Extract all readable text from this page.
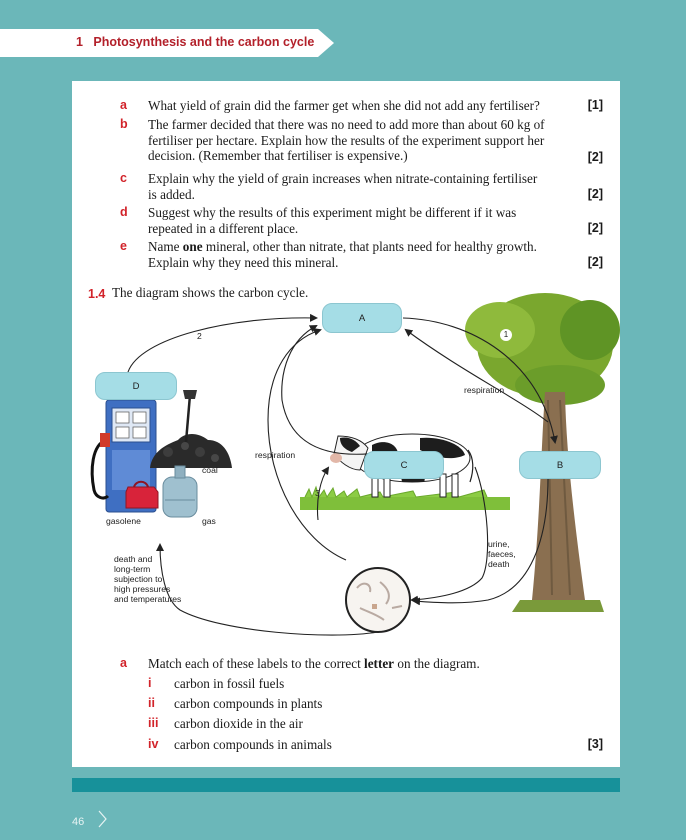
1 Photosynthesis and the carbon cycle
a What yield of grain did the farmer get when she did not add any fertiliser?	[1]
b The farmer decided that there was no need to add more than about 60 kg of fertiliser per hectare. Explain how the results of the experiment support her decision. (Remember that fertiliser is expensive.)	[2]
c Explain why the yield of grain increases when nitrate-containing fertiliser is added.	[2]
d Suggest why the results of this experiment might be different if it was repeated in a different place.	[2]
e Name one mineral, other than nitrate, that plants need for healthy growth. Explain why they need this mineral.	[2]
1.4 The diagram shows the carbon cycle.
A
D
C	B
2
3
1
respiration
respiration
coal
gasolene	gas
urine,
faeces,
death
death and
long-term
subjection to
high pressures
and temperatures
a Match each of these labels to the correct letter on the diagram.
i carbon in fossil fuels
ii carbon compounds in plants
iii carbon dioxide in the air
iv carbon compounds in animals	[3]
46
